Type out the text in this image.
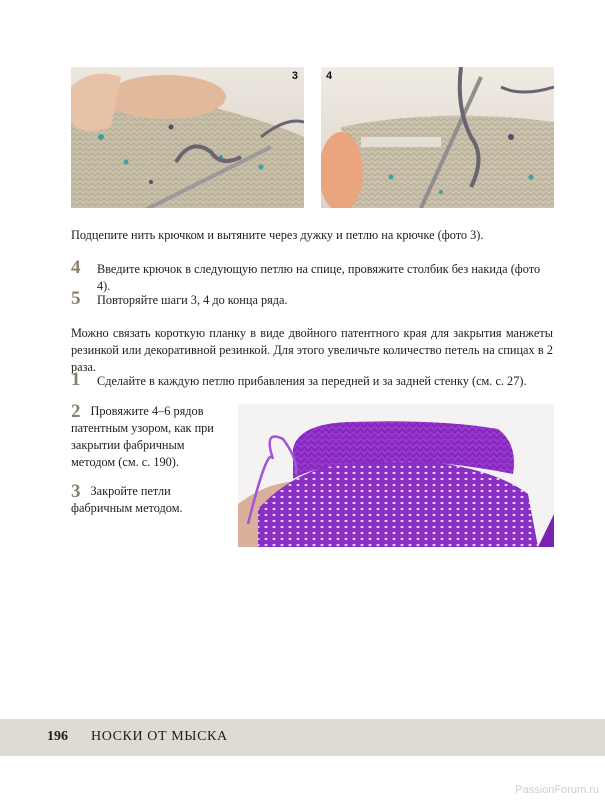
3	4

Подцепите нить крючком и вытяните через дужку и петлю на крючке (фото 3).

4 Введите крючок в следующую петлю на спице, провяжите столбик без накида (фото 4).

5 Повторяйте шаги 3, 4 до конца ряда.

Можно связать короткую планку в виде двойного патентного края для закрытия манжеты резинкой или декоративной резинкой. Для этого увеличьте количество петель на спицах в 2 раза.

1 Сделайте в каждую петлю прибавления за передней и за задней стенку (см. с. 27).

2 Провяжите 4–6 рядов патентным узором, как при закрытии фабричным методом (см. с. 190).

3 Закройте петли фабричным методом.

196 НОСКИ ОТ МЫСКА
PassionForum.ru
